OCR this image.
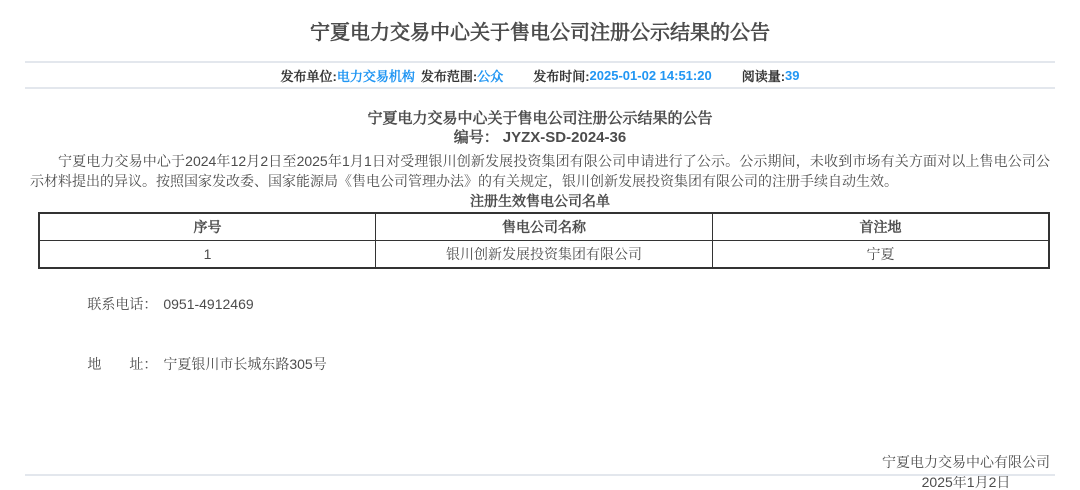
宁夏电力交易中心关于售电公司注册公示结果的公告
发布单位: 电力交易机构 发布范围: 公众 发布时间: 2025-01-02 14:51:20 阅读量: 39
宁夏电力交易中心关于售电公司注册公示结果的公告
编号： JYZX-SD-2024-36

宁夏电力交易中心于2024年12月2日至2025年1月1日对受理银川创新发展投资集团有限公司申请进行了公示。公示期间，未收到市场有关方面对以上售电公司公示材料提出的异议。按照国家发改委、国家能源局《售电公司管理办法》的有关规定，银川创新发展投资集团有限公司的注册手续自动生效。

注册生效售电公司名单
序号	售电公司名称	首注地
1	银川创新发展投资集团有限公司	宁夏

联系电话： 0951-4912469

地　　址： 宁夏银川市长城东路305号

宁夏电力交易中心有限公司
2025年1月2日
